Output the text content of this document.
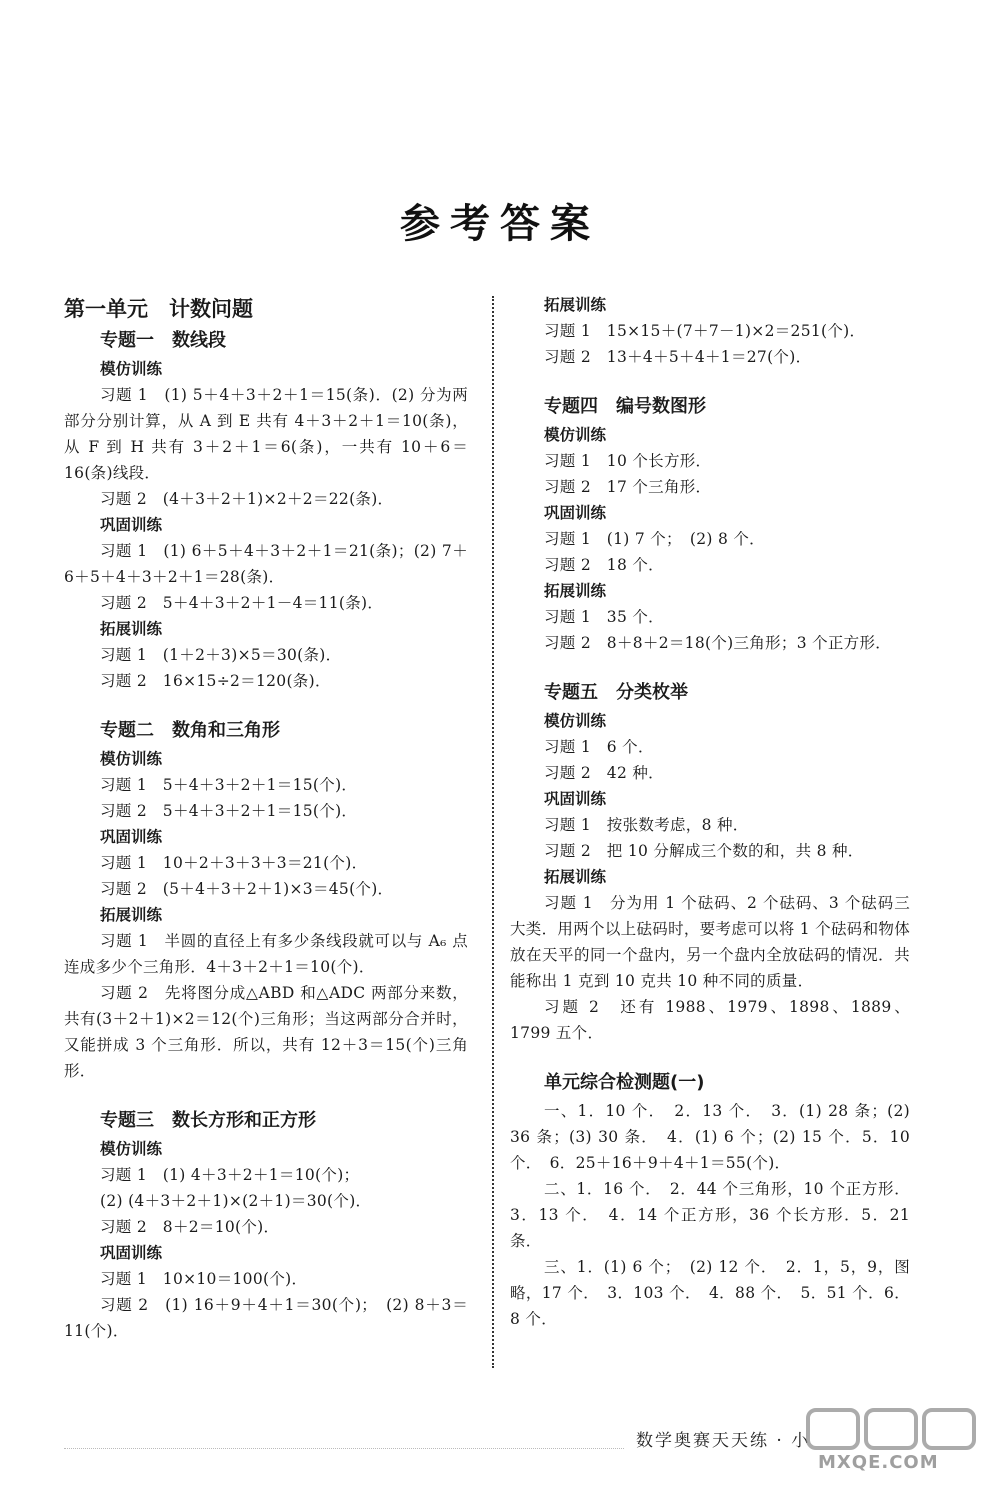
参考答案

第一单元　计数问题

专题一　数线段

模仿训练

习题 1　(1) 5＋4＋3＋2＋1＝15(条)．(2) 分为两部分分别计算，从 A 到 E 共有 4＋3＋2＋1＝10(条)，从 F 到 H 共有 3＋2＋1＝6(条)，一共有 10＋6＝16(条)线段．

习题 2　(4＋3＋2＋1)×2＋2＝22(条)．

巩固训练

习题 1　(1) 6＋5＋4＋3＋2＋1＝21(条)；(2) 7＋6＋5＋4＋3＋2＋1＝28(条)．

习题 2　5＋4＋3＋2＋1－4＝11(条)．

拓展训练

习题 1　(1＋2＋3)×5＝30(条)．

习题 2　16×15÷2＝120(条)．

专题二　数角和三角形

模仿训练

习题 1　5＋4＋3＋2＋1＝15(个)．

习题 2　5＋4＋3＋2＋1＝15(个)．

巩固训练

习题 1　10＋2＋3＋3＋3＝21(个)．

习题 2　(5＋4＋3＋2＋1)×3＝45(个)．

拓展训练

习题 1　半圆的直径上有多少条线段就可以与 A₆ 点连成多少个三角形．4＋3＋2＋1＝10(个)．

习题 2　先将图分成△ABD 和△ADC 两部分来数，共有(3＋2＋1)×2＝12(个)三角形；当这两部分合并时，又能拼成 3 个三角形．所以，共有 12＋3＝15(个)三角形．

专题三　数长方形和正方形

模仿训练

习题 1　(1) 4＋3＋2＋1＝10(个)；

(2) (4＋3＋2＋1)×(2＋1)＝30(个)．

习题 2　8＋2＝10(个)．

巩固训练

习题 1　10×10＝100(个)．

习题 2　(1) 16＋9＋4＋1＝30(个)；　(2) 8＋3＝11(个)．

拓展训练

习题 1　15×15＋(7＋7－1)×2＝251(个)．

习题 2　13＋4＋5＋4＋1＝27(个)．

专题四　编号数图形

模仿训练

习题 1　10 个长方形．

习题 2　17 个三角形．

巩固训练

习题 1　(1) 7 个；　(2) 8 个．

习题 2　18 个．

拓展训练

习题 1　35 个．

习题 2　8＋8＋2＝18(个)三角形；3 个正方形．

专题五　分类枚举

模仿训练

习题 1　6 个．

习题 2　42 种．

巩固训练

习题 1　按张数考虑，8 种．

习题 2　把 10 分解成三个数的和，共 8 种．

拓展训练

习题 1　分为用 1 个砝码、2 个砝码、3 个砝码三大类．用两个以上砝码时，要考虑可以将 1 个砝码和物体放在天平的同一个盘内，另一个盘内全放砝码的情况．共能称出 1 克到 10 克共 10 种不同的质量．

习题 2　还有 1988、1979、1898、1889、1799 五个．

单元综合检测题(一)

一、1．10 个．　2．13 个．　3．(1) 28 条；(2) 36 条；(3) 30 条．　4．(1) 6 个；(2) 15 个．5．10 个．　6．25＋16＋9＋4＋1＝55(个)．

二、1．16 个．　2．44 个三角形，10 个正方形．3．13 个．　4．14 个正方形，36 个长方形．5．21 条．

三、1．(1) 6 个；　(2) 12 个．　2．1，5，9，图略，17 个．　3．103 个．　4．88 个．　5．51 个．6．8 个．

数学奥赛天天练 · 小
MXQE.COM
